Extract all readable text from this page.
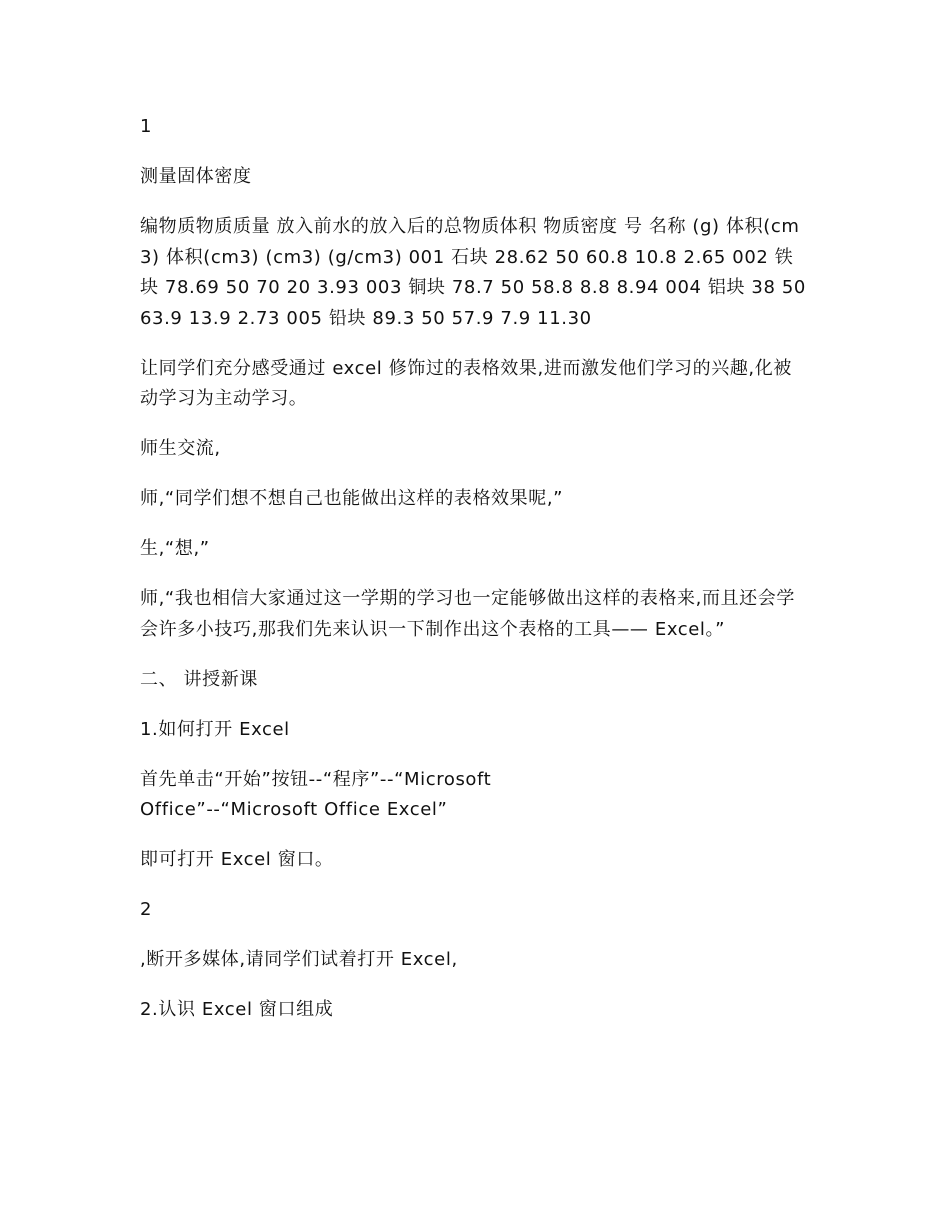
1

测量固体密度

编物质物质质量 放入前水的放入后的总物质体积 物质密度 号 名称 (g) 体积(cm3) 体积(cm3) (cm3) (g/cm3) 001 石块 28.62 50 60.8 10.8 2.65 002 铁块 78.69 50 70 20 3.93 003 铜块 78.7 50 58.8 8.8 8.94 004 铝块 38 50 63.9 13.9 2.73 005 铅块 89.3 50 57.9 7.9 11.30

让同学们充分感受通过 excel 修饰过的表格效果,进而激发他们学习的兴趣,化被动学习为主动学习。

师生交流,

师,“同学们想不想自己也能做出这样的表格效果呢,”

生,“想,”

师,“我也相信大家通过这一学期的学习也一定能够做出这样的表格来,而且还会学会许多小技巧,那我们先来认识一下制作出这个表格的工具—— Excel。”

二、 讲授新课

1.如何打开 Excel

首先单击“开始”按钮--“程序”--“Microsoft
Office”--“Microsoft Office Excel”

即可打开 Excel 窗口。

2

,断开多媒体,请同学们试着打开 Excel,

2.认识 Excel 窗口组成
